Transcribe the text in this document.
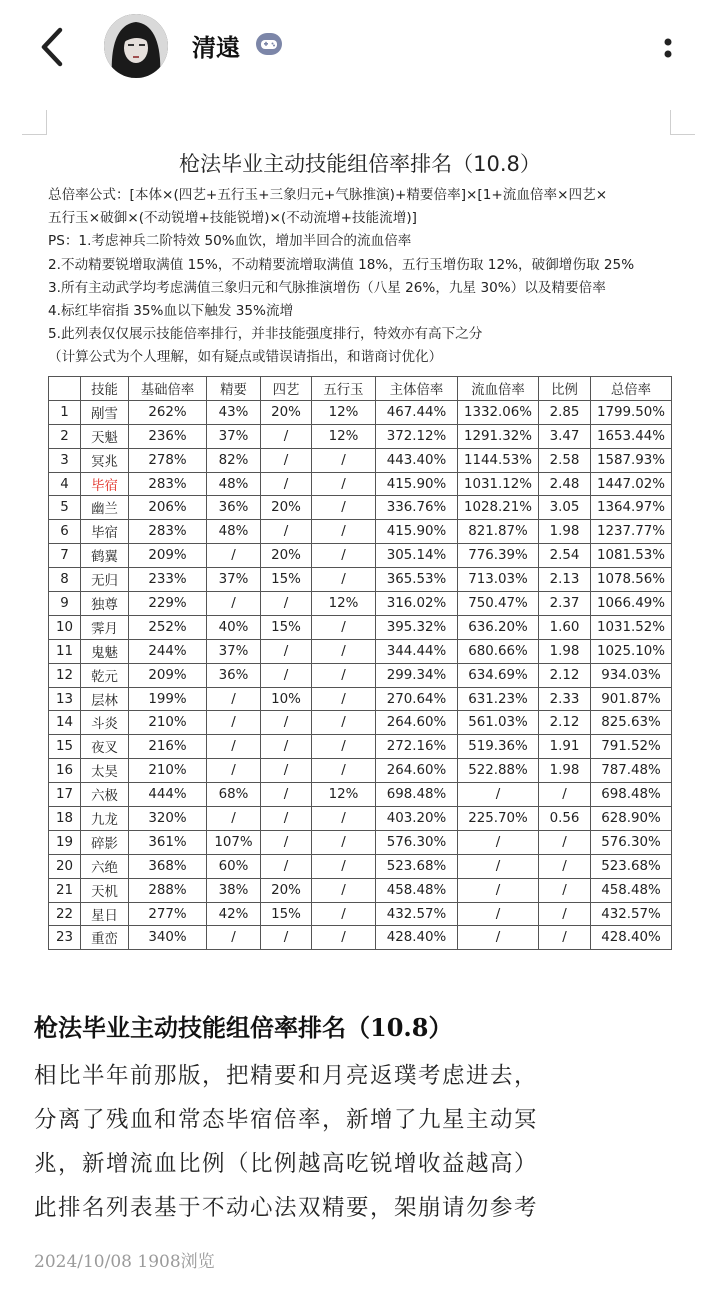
清遠
枪法毕业主动技能组倍率排名（10.8）
总倍率公式：[本体×(四艺+五行玉+三象归元+气脉推演)+精要倍率]×[1+流血倍率×四艺×
五行玉×破御×(不动锐增+技能锐增)×(不动流增+技能流增)]
PS：1.考虑神兵二阶特效 50%血饮，增加半回合的流血倍率
2.不动精要锐增取满值 15%，不动精要流增取满值 18%，五行玉增伤取 12%，破御增伤取 25%
3.所有主动武学均考虑满值三象归元和气脉推演增伤（八星 26%，九星 30%）以及精要倍率
4.标红毕宿指 35%血以下触发 35%流增
5.此列表仅仅展示技能倍率排行，并非技能强度排行，特效亦有高下之分
（计算公式为个人理解，如有疑点或错误请指出，和谐商讨优化）
	技能	基础倍率	精要	四艺	五行玉	主体倍率	流血倍率	比例	总倍率
1	剐雪	262%	43%	20%	12%	467.44%	1332.06%	2.85	1799.50%
2	天魁	236%	37%	/	12%	372.12%	1291.32%	3.47	1653.44%
3	冥兆	278%	82%	/	/	443.40%	1144.53%	2.58	1587.93%
4	毕宿	283%	48%	/	/	415.90%	1031.12%	2.48	1447.02%
5	幽兰	206%	36%	20%	/	336.76%	1028.21%	3.05	1364.97%
6	毕宿	283%	48%	/	/	415.90%	821.87%	1.98	1237.77%
7	鹤翼	209%	/	20%	/	305.14%	776.39%	2.54	1081.53%
8	无归	233%	37%	15%	/	365.53%	713.03%	2.13	1078.56%
9	独尊	229%	/	/	12%	316.02%	750.47%	2.37	1066.49%
10	霁月	252%	40%	15%	/	395.32%	636.20%	1.60	1031.52%
11	鬼魅	244%	37%	/	/	344.44%	680.66%	1.98	1025.10%
12	乾元	209%	36%	/	/	299.34%	634.69%	2.12	934.03%
13	层林	199%	/	10%	/	270.64%	631.23%	2.33	901.87%
14	斗炎	210%	/	/	/	264.60%	561.03%	2.12	825.63%
15	夜叉	216%	/	/	/	272.16%	519.36%	1.91	791.52%
16	太昊	210%	/	/	/	264.60%	522.88%	1.98	787.48%
17	六极	444%	68%	/	12%	698.48%	/	/	698.48%
18	九龙	320%	/	/	/	403.20%	225.70%	0.56	628.90%
19	碎影	361%	107%	/	/	576.30%	/	/	576.30%
20	六绝	368%	60%	/	/	523.68%	/	/	523.68%
21	天机	288%	38%	20%	/	458.48%	/	/	458.48%
22	星日	277%	42%	15%	/	432.57%	/	/	432.57%
23	重峦	340%	/	/	/	428.40%	/	/	428.40%
枪法毕业主动技能组倍率排名（10.8）
相比半年前那版，把精要和月亮返璞考虑进去，
分离了残血和常态毕宿倍率，新增了九星主动冥
兆，新增流血比例（比例越高吃锐增收益越高）
此排名列表基于不动心法双精要，架崩请勿参考
2024/10/08 1908浏览
